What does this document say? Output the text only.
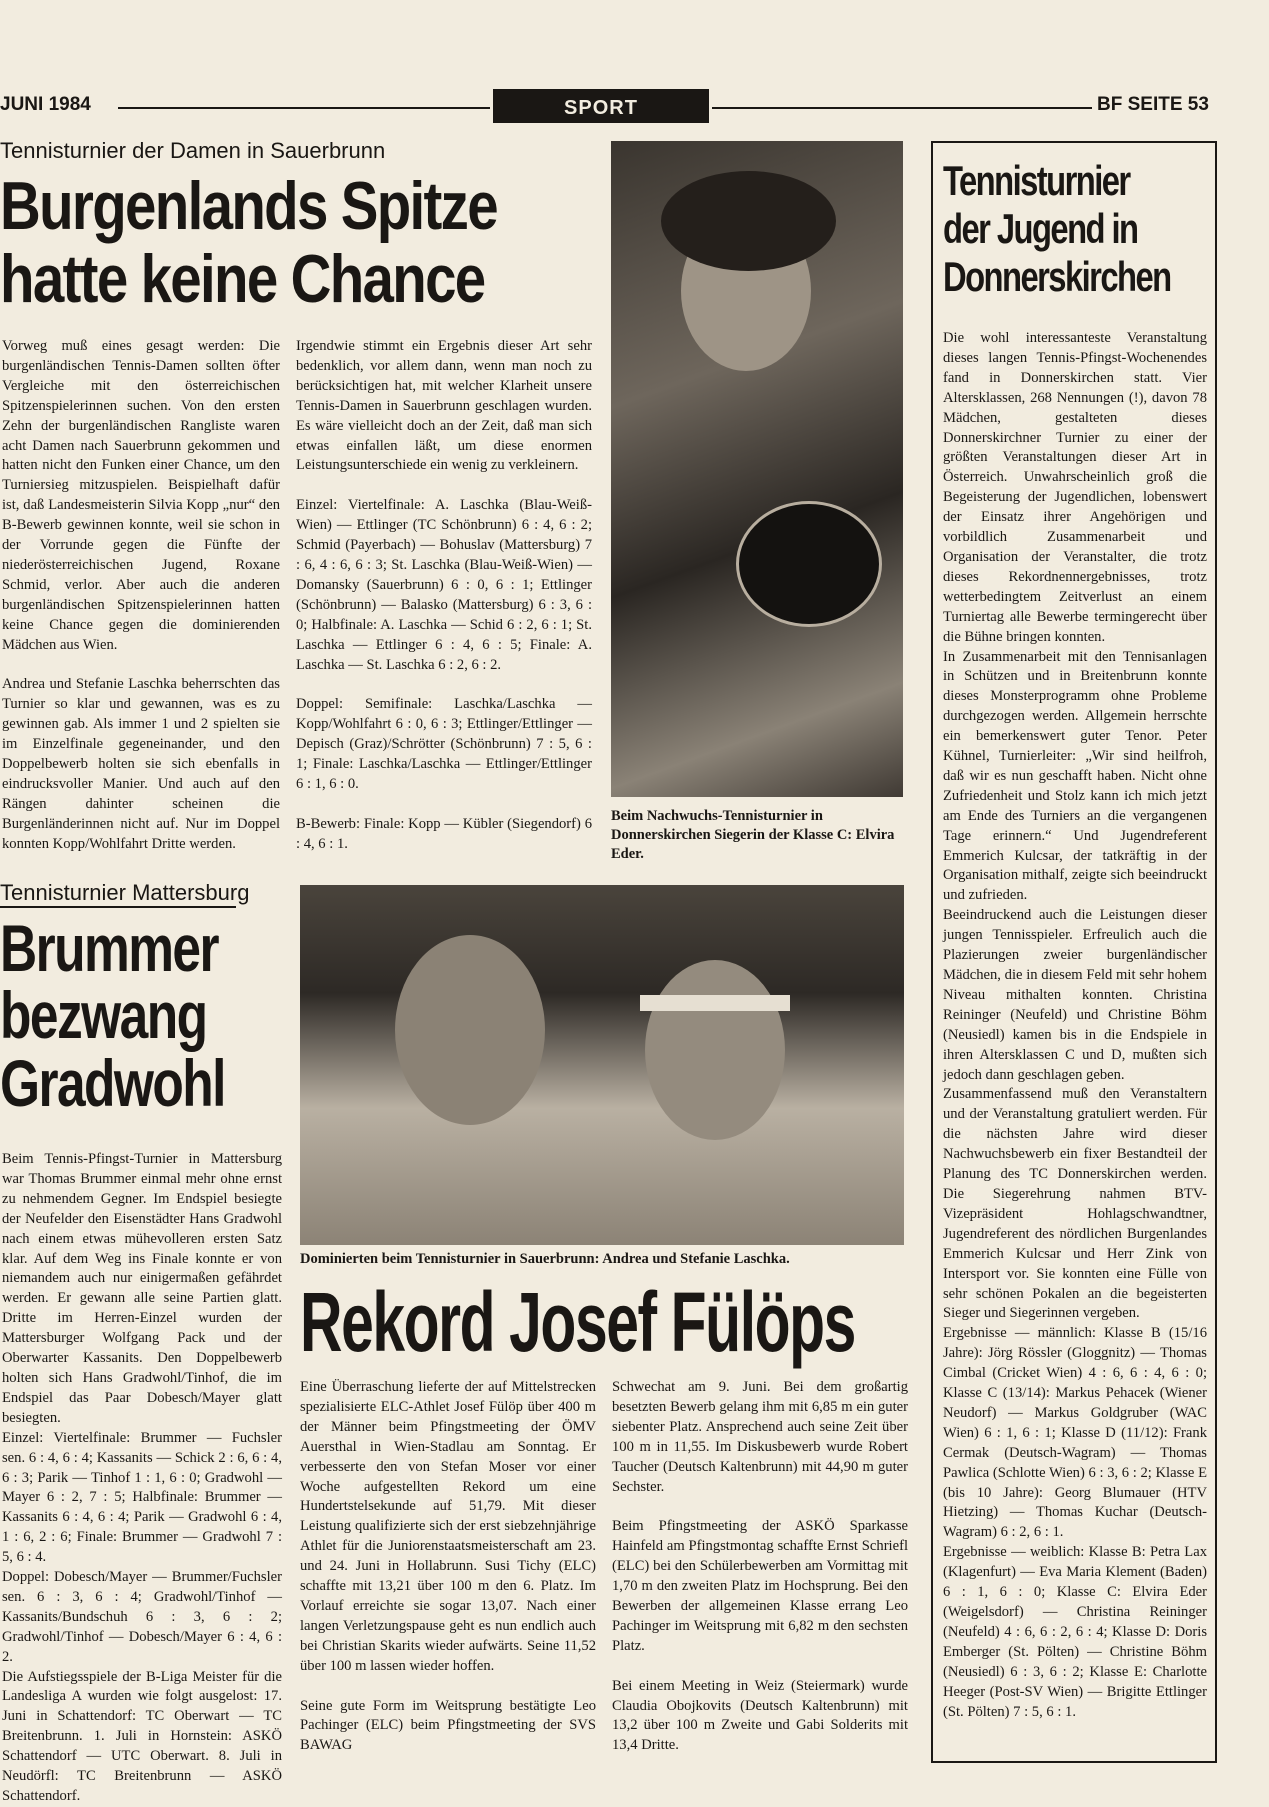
JUNI 1984	SPORT	BF SEITE 53
Tennisturnier der Damen in Sauerbrunn
Burgenlands Spitze
hatte keine Chance
Vorweg muß eines gesagt werden: Die burgenländischen Tennis-Damen sollten öfter Vergleiche mit den österreichischen Spitzenspielerinnen suchen. Von den ersten Zehn der burgenländischen Rangliste waren acht Damen nach Sauerbrunn gekommen und hatten nicht den Funken einer Chance, um den Turniersieg mitzuspielen. Beispielhaft dafür ist, daß Landesmeisterin Silvia Kopp „nur“ den B-Bewerb gewinnen konnte, weil sie schon in der Vorrunde gegen die Fünfte der niederösterreichischen Jugend, Roxane Schmid, verlor. Aber auch die anderen burgenländischen Spitzenspielerinnen hatten keine Chance gegen die dominierenden Mädchen aus Wien.

Andrea und Stefanie Laschka beherrschten das Turnier so klar und gewannen, was es zu gewinnen gab. Als immer 1 und 2 spielten sie im Einzelfinale gegeneinander, und den Doppelbewerb holten sie sich ebenfalls in eindrucksvoller Manier. Und auch auf den Rängen dahinter scheinen die Burgenländerinnen nicht auf. Nur im Doppel konnten Kopp/Wohlfahrt Dritte werden.
Irgendwie stimmt ein Ergebnis dieser Art sehr bedenklich, vor allem dann, wenn man noch zu berücksichtigen hat, mit welcher Klarheit unsere Tennis-Damen in Sauerbrunn geschlagen wurden. Es wäre vielleicht doch an der Zeit, daß man sich etwas einfallen läßt, um diese enormen Leistungsunterschiede ein wenig zu verkleinern.

Einzel: Viertelfinale: A. Laschka (Blau-Weiß-Wien) — Ettlinger (TC Schönbrunn) 6 : 4, 6 : 2; Schmid (Payerbach) — Bohuslav (Mattersburg) 7 : 6, 4 : 6, 6 : 3; St. Laschka (Blau-Weiß-Wien) — Domansky (Sauerbrunn) 6 : 0, 6 : 1; Ettlinger (Schönbrunn) — Balasko (Mattersburg) 6 : 3, 6 : 0; Halbfinale: A. Laschka — Schid 6 : 2, 6 : 1; St. Laschka — Ettlinger 6 : 4, 6 : 5; Finale: A. Laschka — St. Laschka 6 : 2, 6 : 2.

Doppel: Semifinale: Laschka/Laschka — Kopp/Wohlfahrt 6 : 0, 6 : 3; Ettlinger/Ettlinger — Depisch (Graz)/Schrötter (Schönbrunn) 7 : 5, 6 : 1; Finale: Laschka/Laschka — Ettlinger/Ettlinger 6 : 1, 6 : 0.

B-Bewerb: Finale: Kopp — Kübler (Siegendorf) 6 : 4, 6 : 1.
Beim Nachwuchs-Tennisturnier in Donnerskirchen Siegerin der Klasse C: Elvira Eder.
Tennisturnier Mattersburg
Brummer
bezwang
Gradwohl
Beim Tennis-Pfingst-Turnier in Mattersburg war Thomas Brummer einmal mehr ohne ernst zu nehmendem Gegner. Im Endspiel besiegte der Neufelder den Eisenstädter Hans Gradwohl nach einem etwas mühevolleren ersten Satz klar. Auf dem Weg ins Finale konnte er von niemandem auch nur einigermaßen gefährdet werden. Er gewann alle seine Partien glatt. Dritte im Herren-Einzel wurden der Mattersburger Wolfgang Pack und der Oberwarter Kassanits. Den Doppelbewerb holten sich Hans Gradwohl/Tinhof, die im Endspiel das Paar Dobesch/Mayer glatt besiegten.
Einzel: Viertelfinale: Brummer — Fuchsler sen. 6 : 4, 6 : 4; Kassanits — Schick 2 : 6, 6 : 4, 6 : 3; Parik — Tinhof 1 : 1, 6 : 0; Gradwohl — Mayer 6 : 2, 7 : 5; Halbfinale: Brummer — Kassanits 6 : 4, 6 : 4; Parik — Gradwohl 6 : 4, 1 : 6, 2 : 6; Finale: Brummer — Gradwohl 7 : 5, 6 : 4.
Doppel: Dobesch/Mayer — Brummer/Fuchsler sen. 6 : 3, 6 : 4; Gradwohl/Tinhof — Kassanits/Bundschuh 6 : 3, 6 : 2; Gradwohl/Tinhof — Dobesch/Mayer 6 : 4, 6 : 2.
Die Aufstiegsspiele der B-Liga Meister für die Landesliga A wurden wie folgt ausgelost: 17. Juni in Schattendorf: TC Oberwart — TC Breitenbrunn. 1. Juli in Hornstein: ASKÖ Schattendorf — UTC Oberwart. 8. Juli in Neudörfl: TC Breitenbrunn — ASKÖ Schattendorf.
Dominierten beim Tennisturnier in Sauerbrunn: Andrea und Stefanie Laschka.
Rekord Josef Fülöps
Eine Überraschung lieferte der auf Mittelstrecken spezialisierte ELC-Athlet Josef Fülöp über 400 m der Männer beim Pfingstmeeting der ÖMV Auersthal in Wien-Stadlau am Sonntag. Er verbesserte den von Stefan Moser vor einer Woche aufgestellten Rekord um eine Hundertstelsekunde auf 51,79. Mit dieser Leistung qualifizierte sich der erst siebzehnjährige Athlet für die Juniorenstaatsmeisterschaft am 23. und 24. Juni in Hollabrunn. Susi Tichy (ELC) schaffte mit 13,21 über 100 m den 6. Platz. Im Vorlauf erreichte sie sogar 13,07. Nach einer langen Verletzungspause geht es nun endlich auch bei Christian Skarits wieder aufwärts. Seine 11,52 über 100 m lassen wieder hoffen.

Seine gute Form im Weitsprung bestätigte Leo Pachinger (ELC) beim Pfingstmeeting der SVS BAWAG
Schwechat am 9. Juni. Bei dem großartig besetzten Bewerb gelang ihm mit 6,85 m ein guter siebenter Platz. Ansprechend auch seine Zeit über 100 m in 11,55. Im Diskusbewerb wurde Robert Taucher (Deutsch Kaltenbrunn) mit 44,90 m guter Sechster.

Beim Pfingstmeeting der ASKÖ Sparkasse Hainfeld am Pfingstmontag schaffte Ernst Schriefl (ELC) bei den Schülerbewerben am Vormittag mit 1,70 m den zweiten Platz im Hochsprung. Bei den Bewerben der allgemeinen Klasse errang Leo Pachinger im Weitsprung mit 6,82 m den sechsten Platz.

Bei einem Meeting in Weiz (Steiermark) wurde Claudia Obojkovits (Deutsch Kaltenbrunn) mit 13,2 über 100 m Zweite und Gabi Solderits mit 13,4 Dritte.
Tennisturnier
der Jugend in
Donnerskirchen
Die wohl interessanteste Veranstaltung dieses langen Tennis-Pfingst-Wochenendes fand in Donnerskirchen statt. Vier Altersklassen, 268 Nennungen (!), davon 78 Mädchen, gestalteten dieses Donnerskirchner Turnier zu einer der größten Veranstaltungen dieser Art in Österreich. Unwahrscheinlich groß die Begeisterung der Jugendlichen, lobenswert der Einsatz ihrer Angehörigen und vorbildlich Zusammenarbeit und Organisation der Veranstalter, die trotz dieses Rekordnennergebnisses, trotz wetterbedingtem Zeitverlust an einem Turniertag alle Bewerbe termingerecht über die Bühne bringen konnten.
In Zusammenarbeit mit den Tennisanlagen in Schützen und in Breitenbrunn konnte dieses Monsterprogramm ohne Probleme durchgezogen werden. Allgemein herrschte ein bemerkenswert guter Tenor. Peter Kühnel, Turnierleiter: „Wir sind heilfroh, daß wir es nun geschafft haben. Nicht ohne Zufriedenheit und Stolz kann ich mich jetzt am Ende des Turniers an die vergangenen Tage erinnern.“ Und Jugendreferent Emmerich Kulcsar, der tatkräftig in der Organisation mithalf, zeigte sich beeindruckt und zufrieden.
Beeindruckend auch die Leistungen dieser jungen Tennisspieler. Erfreulich auch die Plazierungen zweier burgenländischer Mädchen, die in diesem Feld mit sehr hohem Niveau mithalten konnten. Christina Reininger (Neufeld) und Christine Böhm (Neusiedl) kamen bis in die Endspiele in ihren Altersklassen C und D, mußten sich jedoch dann geschlagen geben.
Zusammenfassend muß den Veranstaltern und der Veranstaltung gratuliert werden. Für die nächsten Jahre wird dieser Nachwuchsbewerb ein fixer Bestandteil der Planung des TC Donnerskirchen werden. Die Siegerehrung nahmen BTV-Vizepräsident Hohlagschwandtner, Jugendreferent des nördlichen Burgenlandes Emmerich Kulcsar und Herr Zink von Intersport vor. Sie konnten eine Fülle von sehr schönen Pokalen an die begeisterten Sieger und Siegerinnen vergeben.
Ergebnisse — männlich: Klasse B (15/16 Jahre): Jörg Rössler (Gloggnitz) — Thomas Cimbal (Cricket Wien) 4 : 6, 6 : 4, 6 : 0; Klasse C (13/14): Markus Pehacek (Wiener Neudorf) — Markus Goldgruber (WAC Wien) 6 : 1, 6 : 1; Klasse D (11/12): Frank Cermak (Deutsch-Wagram) — Thomas Pawlica (Schlotte Wien) 6 : 3, 6 : 2; Klasse E (bis 10 Jahre): Georg Blumauer (HTV Hietzing) — Thomas Kuchar (Deutsch-Wagram) 6 : 2, 6 : 1.
Ergebnisse — weiblich: Klasse B: Petra Lax (Klagenfurt) — Eva Maria Klement (Baden) 6 : 1, 6 : 0; Klasse C: Elvira Eder (Weigelsdorf) — Christina Reininger (Neufeld) 4 : 6, 6 : 2, 6 : 4; Klasse D: Doris Emberger (St. Pölten) — Christine Böhm (Neusiedl) 6 : 3, 6 : 2; Klasse E: Charlotte Heeger (Post-SV Wien) — Brigitte Ettlinger (St. Pölten) 7 : 5, 6 : 1.
